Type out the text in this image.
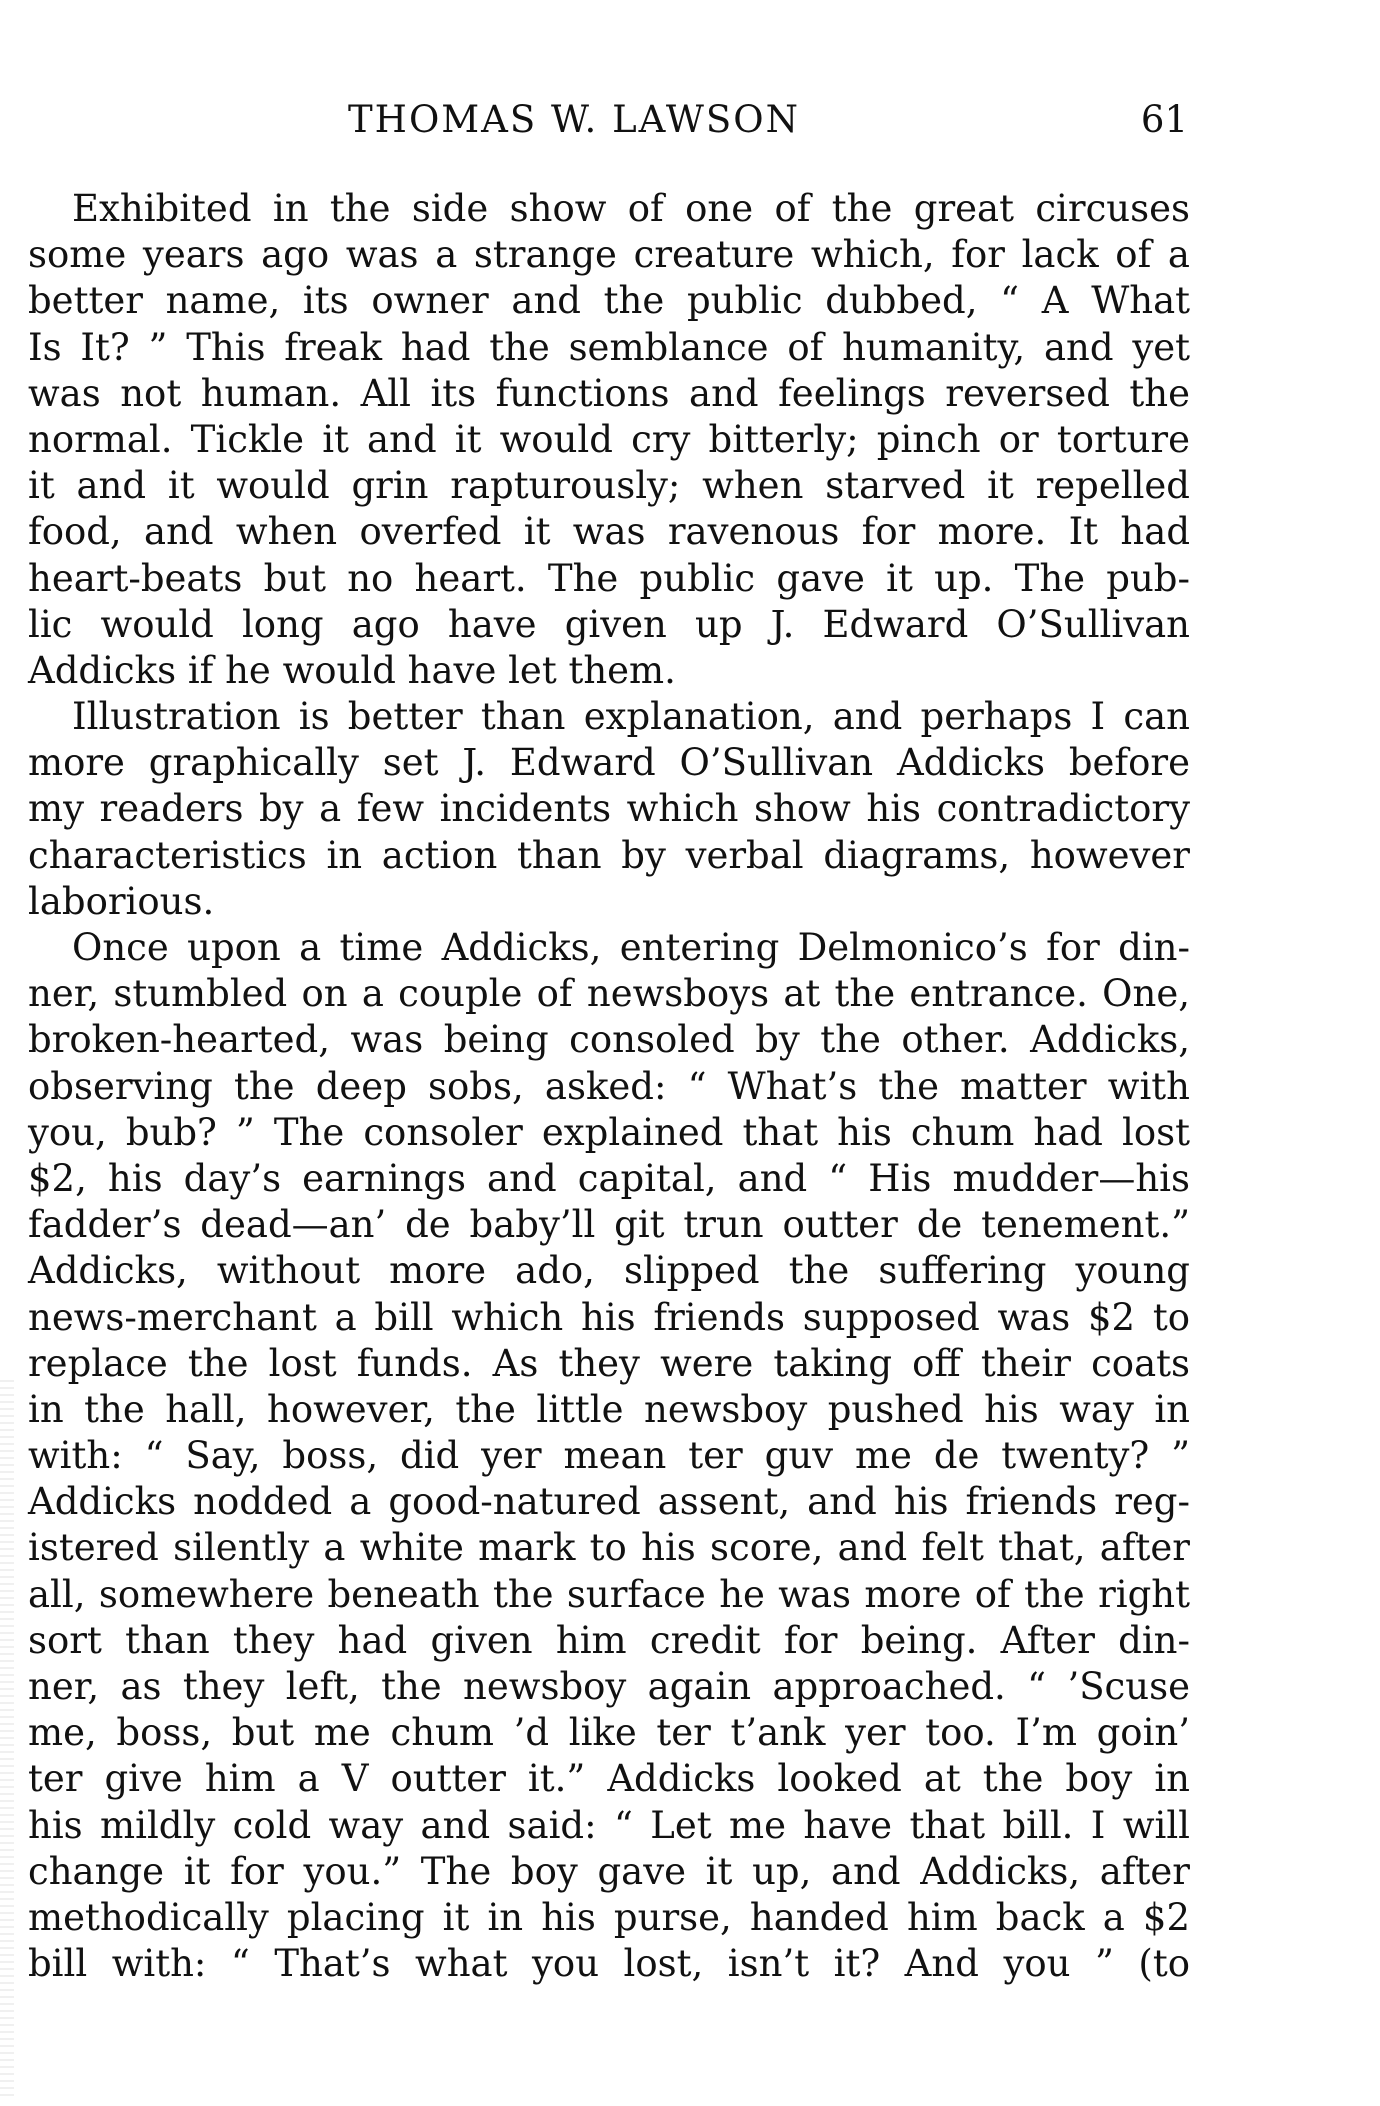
THOMAS W. LAWSON	61

Exhibited in the side show of one of the great circuses
some years ago was a strange creature which, for lack of a
better name, its owner and the public dubbed, “ A What
Is It? ” This freak had the semblance of humanity, and yet
was not human. All its functions and feelings reversed the
normal. Tickle it and it would cry bitterly; pinch or torture
it and it would grin rapturously; when starved it repelled
food, and when overfed it was ravenous for more. It had
heart-beats but no heart. The public gave it up. The pub-
lic would long ago have given up J. Edward O’Sullivan
Addicks if he would have let them.

Illustration is better than explanation, and perhaps I can
more graphically set J. Edward O’Sullivan Addicks before
my readers by a few incidents which show his contradictory
characteristics in action than by verbal diagrams, however
laborious.

Once upon a time Addicks, entering Delmonico’s for din-
ner, stumbled on a couple of newsboys at the entrance. One,
broken-hearted, was being consoled by the other. Addicks,
observing the deep sobs, asked: “ What’s the matter with
you, bub? ” The consoler explained that his chum had lost
$2, his day’s earnings and capital, and “ His mudder—his
fadder’s dead—an’ de baby’ll git trun outter de tenement.”
Addicks, without more ado, slipped the suffering young
news-merchant a bill which his friends supposed was $2 to
replace the lost funds. As they were taking off their coats
in the hall, however, the little newsboy pushed his way in
with: “ Say, boss, did yer mean ter guv me de twenty? ”
Addicks nodded a good-natured assent, and his friends reg-
istered silently a white mark to his score, and felt that, after
all, somewhere beneath the surface he was more of the right
sort than they had given him credit for being. After din-
ner, as they left, the newsboy again approached. “ ’Scuse
me, boss, but me chum ’d like ter t’ank yer too. I’m goin’
ter give him a V outter it.” Addicks looked at the boy in
his mildly cold way and said: “ Let me have that bill. I will
change it for you.” The boy gave it up, and Addicks, after
methodically placing it in his purse, handed him back a $2
bill with: “ That’s what you lost, isn’t it? And you ” (to
